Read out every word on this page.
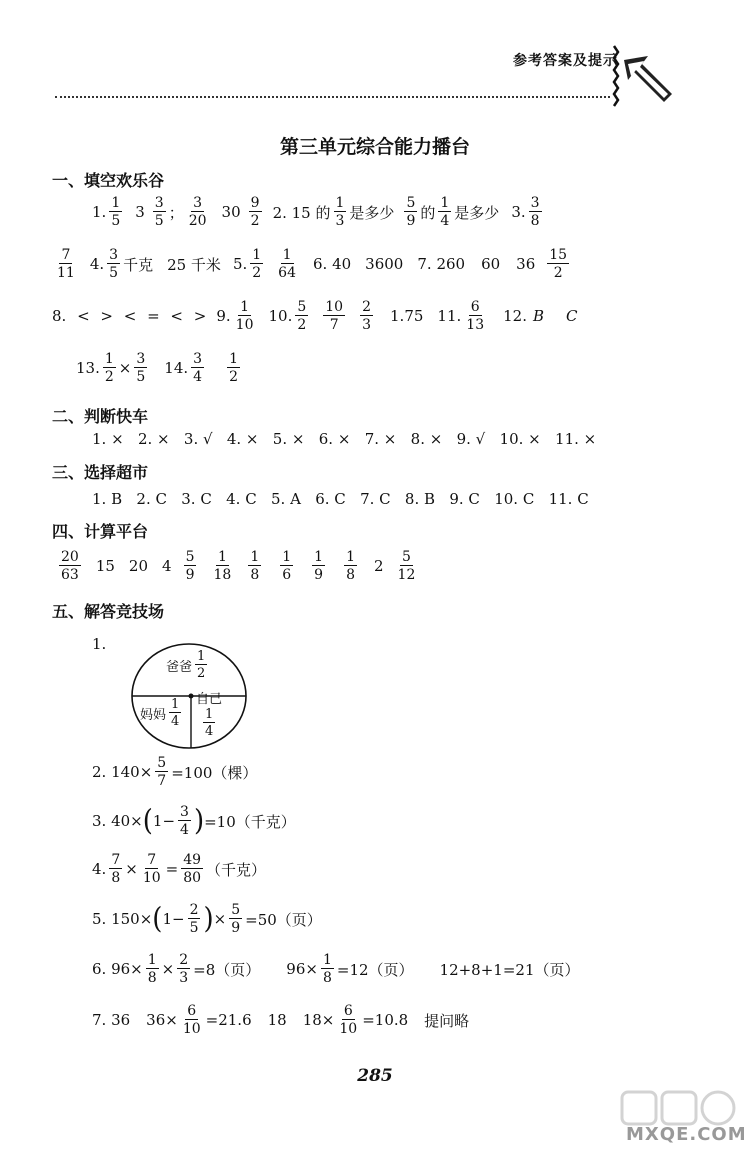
参考答案及提示
第三单元综合能力播台
一、填空欢乐谷
1. 1
5 3 3
5 ；
3
20 30 9
2 2. 15 的
1
3 是多少
5
9 的
1
4 是多少 3. 3
8
7
11 4. 3
5 千克 25 千米 5. 1
2
1
64 6. 40 3600 7. 260 60 36 15
2
8. < > < = < > 9. 1
10 10. 5
2
10
7
2
3 1.75 11. 6
13 12. B C
13. $\frac{1}{2} \times \frac{3}{5} 14$. 3
4
1
2
二、判断快车
1. ×   2. ×   3. √   4. ×   5. ×   6. ×   7. ×   8. ×   9. √   10. ×   11. ×
三、选择超市
1. B   2. C   3. C   4. C   5. A   6. C   7. C   8. B   9. C   10. C   11. C
四、计算平台
20
63 15 20 4 5
9
1
18
1
8
1
6
1
9
1
8 2 5
12
五、解答竞技场
1.
爸爸
1
2
妈妈
1
4
自己
1
4
2. $140\times \frac{5}{7} =100$（棵）
3. 40× ( $1- \frac{3}{4}$ ) =10（千克）
4. $\frac{7}{8} \times \frac{7}{10} = \frac{49}{80}$ （千克）
5. 150× ( $1- \frac{2}{5}$ ) × $\frac{5}{9} =50$（页）
6. $96\times \frac{1}{8} \times \frac{2}{3} =8$（页） $96\times \frac{1}{8} =12$（页） 12+8+1=21（页）
7. 36 $36\times \frac{6}{10} =21.6$ 18 $18\times \frac{6}{10} =10.8$ 提问略
285
MXQE.COM
